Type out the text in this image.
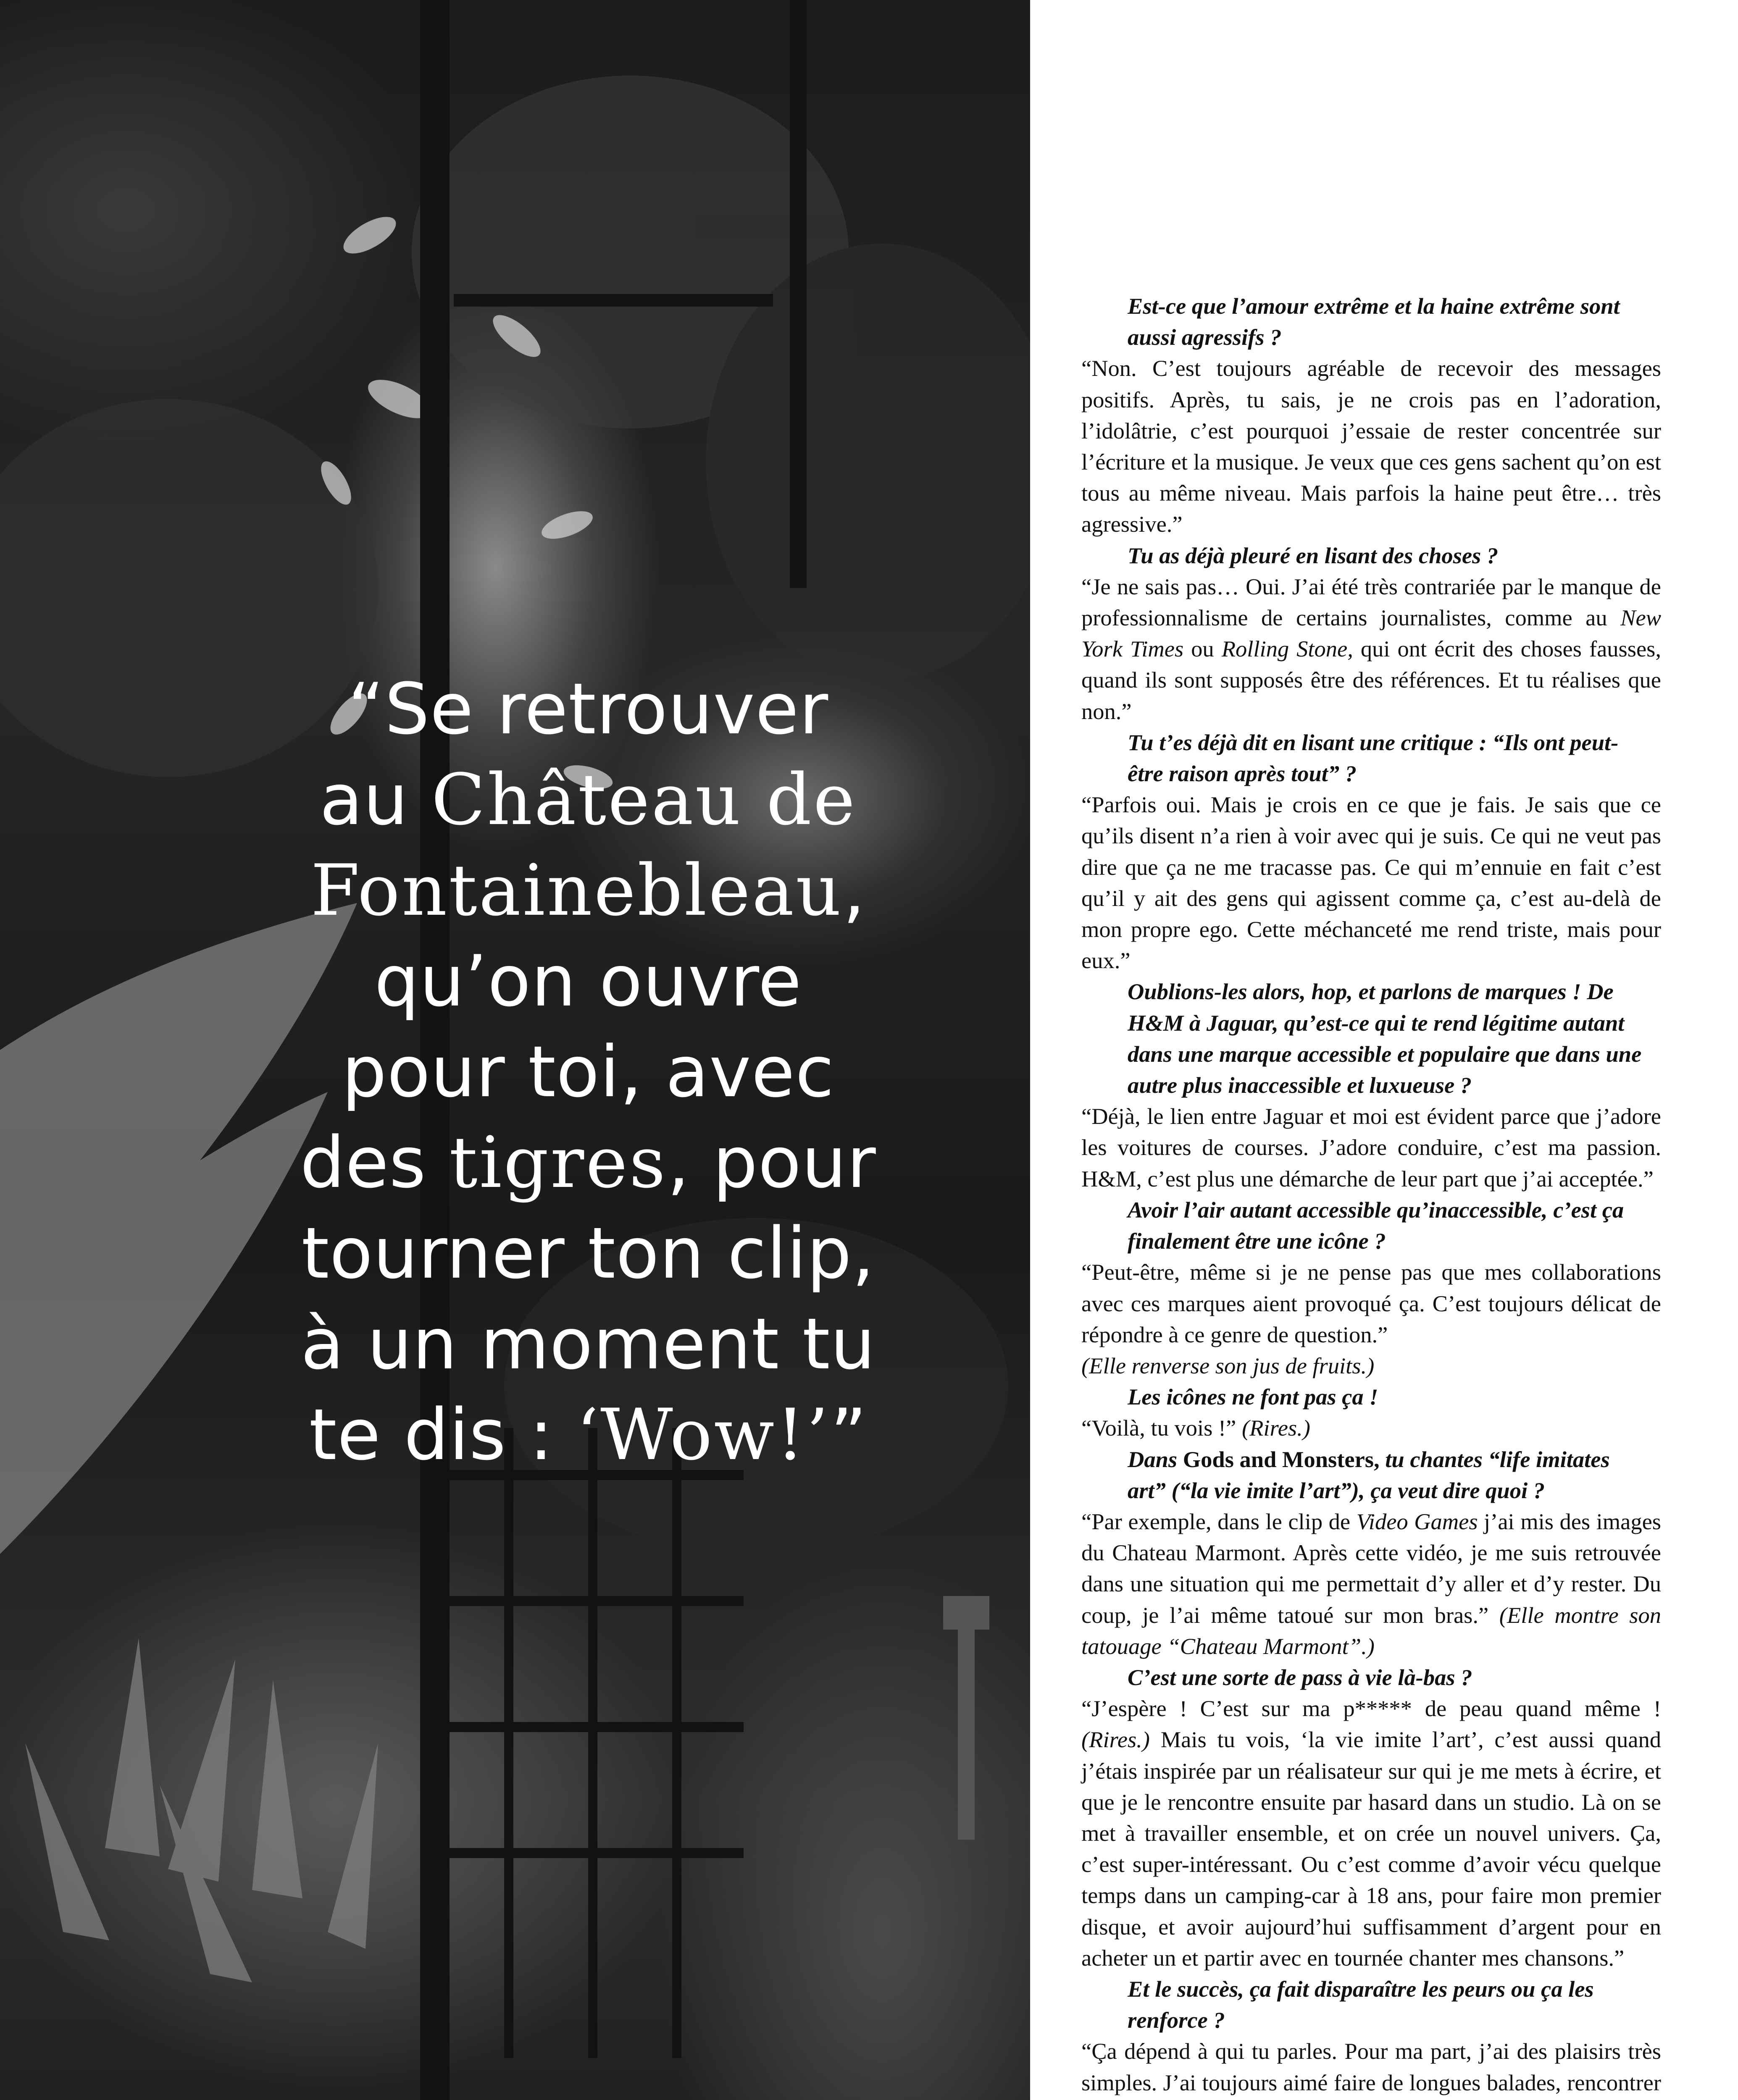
“Se retrouver
au Château de
Fontainebleau,
qu’on ouvre
pour toi, avec
des tigres, pour
tourner ton clip,
à un moment tu
te dis : ‘Wow!’”

Est-ce que l’amour extrême et la haine extrême sont aussi agressifs ?

“Non. C’est toujours agréable de recevoir des messages positifs. Après, tu sais, je ne crois pas en l’adoration, l’idolâtrie, c’est pourquoi j’essaie de rester concentrée sur l’écriture et la musique. Je veux que ces gens sachent qu’on est tous au même niveau. Mais parfois la haine peut être… très agressive.”

Tu as déjà pleuré en lisant des choses ?

“Je ne sais pas… Oui. J’ai été très contrariée par le manque de professionnalisme de certains journalistes, comme au New York Times ou Rolling Stone, qui ont écrit des choses fausses, quand ils sont supposés être des références. Et tu réalises que non.”

Tu t’es déjà dit en lisant une critique : “Ils ont peut-être raison après tout” ?

“Parfois oui. Mais je crois en ce que je fais. Je sais que ce qu’ils disent n’a rien à voir avec qui je suis. Ce qui ne veut pas dire que ça ne me tracasse pas. Ce qui m’ennuie en fait c’est qu’il y ait des gens qui agissent comme ça, c’est au-delà de mon propre ego. Cette méchanceté me rend triste, mais pour eux.”

Oublions-les alors, hop, et parlons de marques ! De H&M à Jaguar, qu’est-ce qui te rend légitime autant dans une marque accessible et populaire que dans une autre plus inaccessible et luxueuse ?

“Déjà, le lien entre Jaguar et moi est évident parce que j’adore les voitures de courses. J’adore conduire, c’est ma passion. H&M, c’est plus une démarche de leur part que j’ai acceptée.”

Avoir l’air autant accessible qu’inaccessible, c’est ça finalement être une icône ?

“Peut-être, même si je ne pense pas que mes collaborations avec ces marques aient provoqué ça. C’est toujours délicat de répondre à ce genre de question.”

(Elle renverse son jus de fruits.)

Les icônes ne font pas ça !

“Voilà, tu vois !” (Rires.)

Dans Gods and Monsters, tu chantes “life imitates art” (“la vie imite l’art”), ça veut dire quoi ?

“Par exemple, dans le clip de Video Games j’ai mis des images du Chateau Marmont. Après cette vidéo, je me suis retrouvée dans une situation qui me permettait d’y aller et d’y rester. Du coup, je l’ai même tatoué sur mon bras.” (Elle montre son tatouage “Chateau Marmont”.)

C’est une sorte de pass à vie là-bas ?

“J’espère ! C’est sur ma p***** de peau quand même ! (Rires.) Mais tu vois, ‘la vie imite l’art’, c’est aussi quand j’étais inspirée par un réalisateur sur qui je me mets à écrire, et que je le rencontre ensuite par hasard dans un studio. Là on se met à travailler ensemble, et on crée un nouvel univers. Ça, c’est super-intéressant. Ou c’est comme d’avoir vécu quelque temps dans un camping-car à 18 ans, pour faire mon premier disque, et avoir aujourd’hui suffisamment d’argent pour en acheter un et partir avec en tournée chanter mes chansons.”

Et le succès, ça fait disparaître les peurs ou ça les renforce ?

“Ça dépend à qui tu parles. Pour ma part, j’ai des plaisirs très simples. J’ai toujours aimé faire de longues balades, rencontrer
